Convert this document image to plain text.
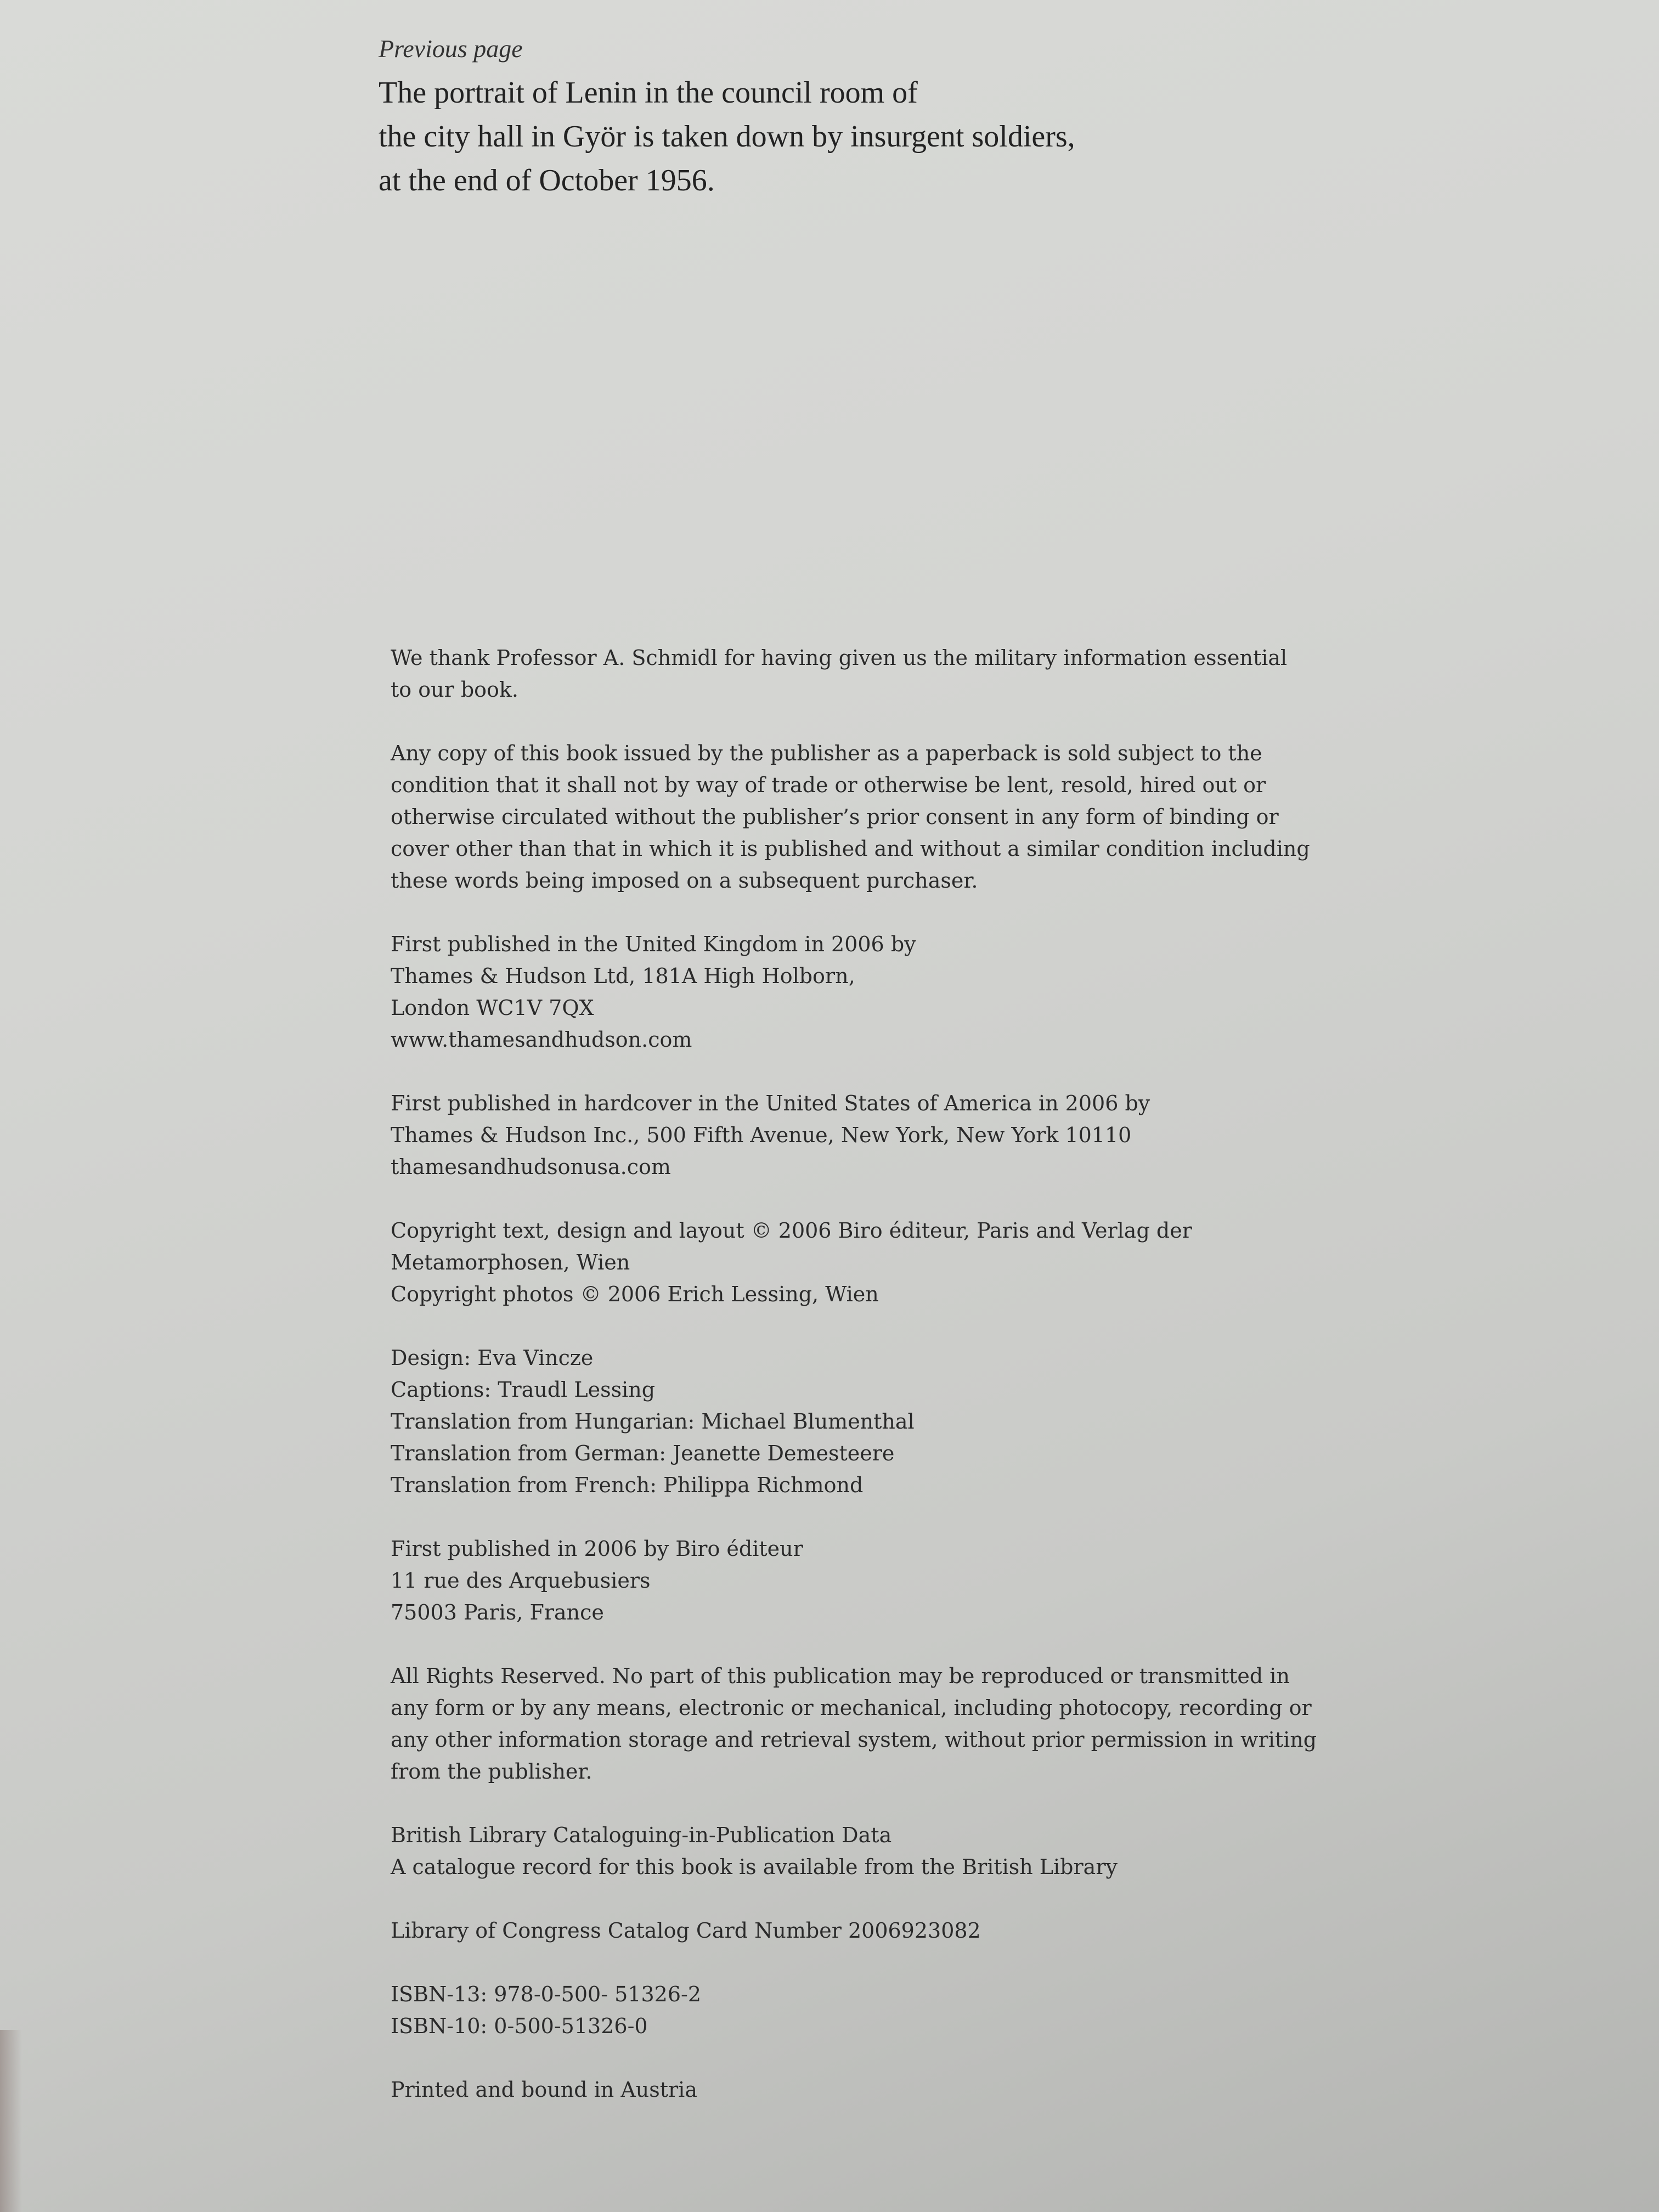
Previous page
The portrait of Lenin in the council room of
the city hall in Györ is taken down by insurgent soldiers,
at the end of October 1956.
We thank Professor A. Schmidl for having given us the military information essential
to our book.
Any copy of this book issued by the publisher as a paperback is sold subject to the
condition that it shall not by way of trade or otherwise be lent, resold, hired out or
otherwise circulated without the publisher’s prior consent in any form of binding or
cover other than that in which it is published and without a similar condition including
these words being imposed on a subsequent purchaser.
First published in the United Kingdom in 2006 by
Thames & Hudson Ltd, 181A High Holborn,
London WC1V 7QX
www.thamesandhudson.com
First published in hardcover in the United States of America in 2006 by
Thames & Hudson Inc., 500 Fifth Avenue, New York, New York 10110
thamesandhudsonusa.com
Copyright text, design and layout © 2006 Biro éditeur, Paris and Verlag der
Metamorphosen, Wien
Copyright photos © 2006 Erich Lessing, Wien
Design: Eva Vincze
Captions: Traudl Lessing
Translation from Hungarian: Michael Blumenthal
Translation from German: Jeanette Demesteere
Translation from French: Philippa Richmond
First published in 2006 by Biro éditeur
11 rue des Arquebusiers
75003 Paris, France
All Rights Reserved. No part of this publication may be reproduced or transmitted in
any form or by any means, electronic or mechanical, including photocopy, recording or
any other information storage and retrieval system, without prior permission in writing
from the publisher.
British Library Cataloguing-in-Publication Data
A catalogue record for this book is available from the British Library
Library of Congress Catalog Card Number 2006923082
ISBN-13: 978-0-500- 51326-2
ISBN-10: 0-500-51326-0
Printed and bound in Austria
